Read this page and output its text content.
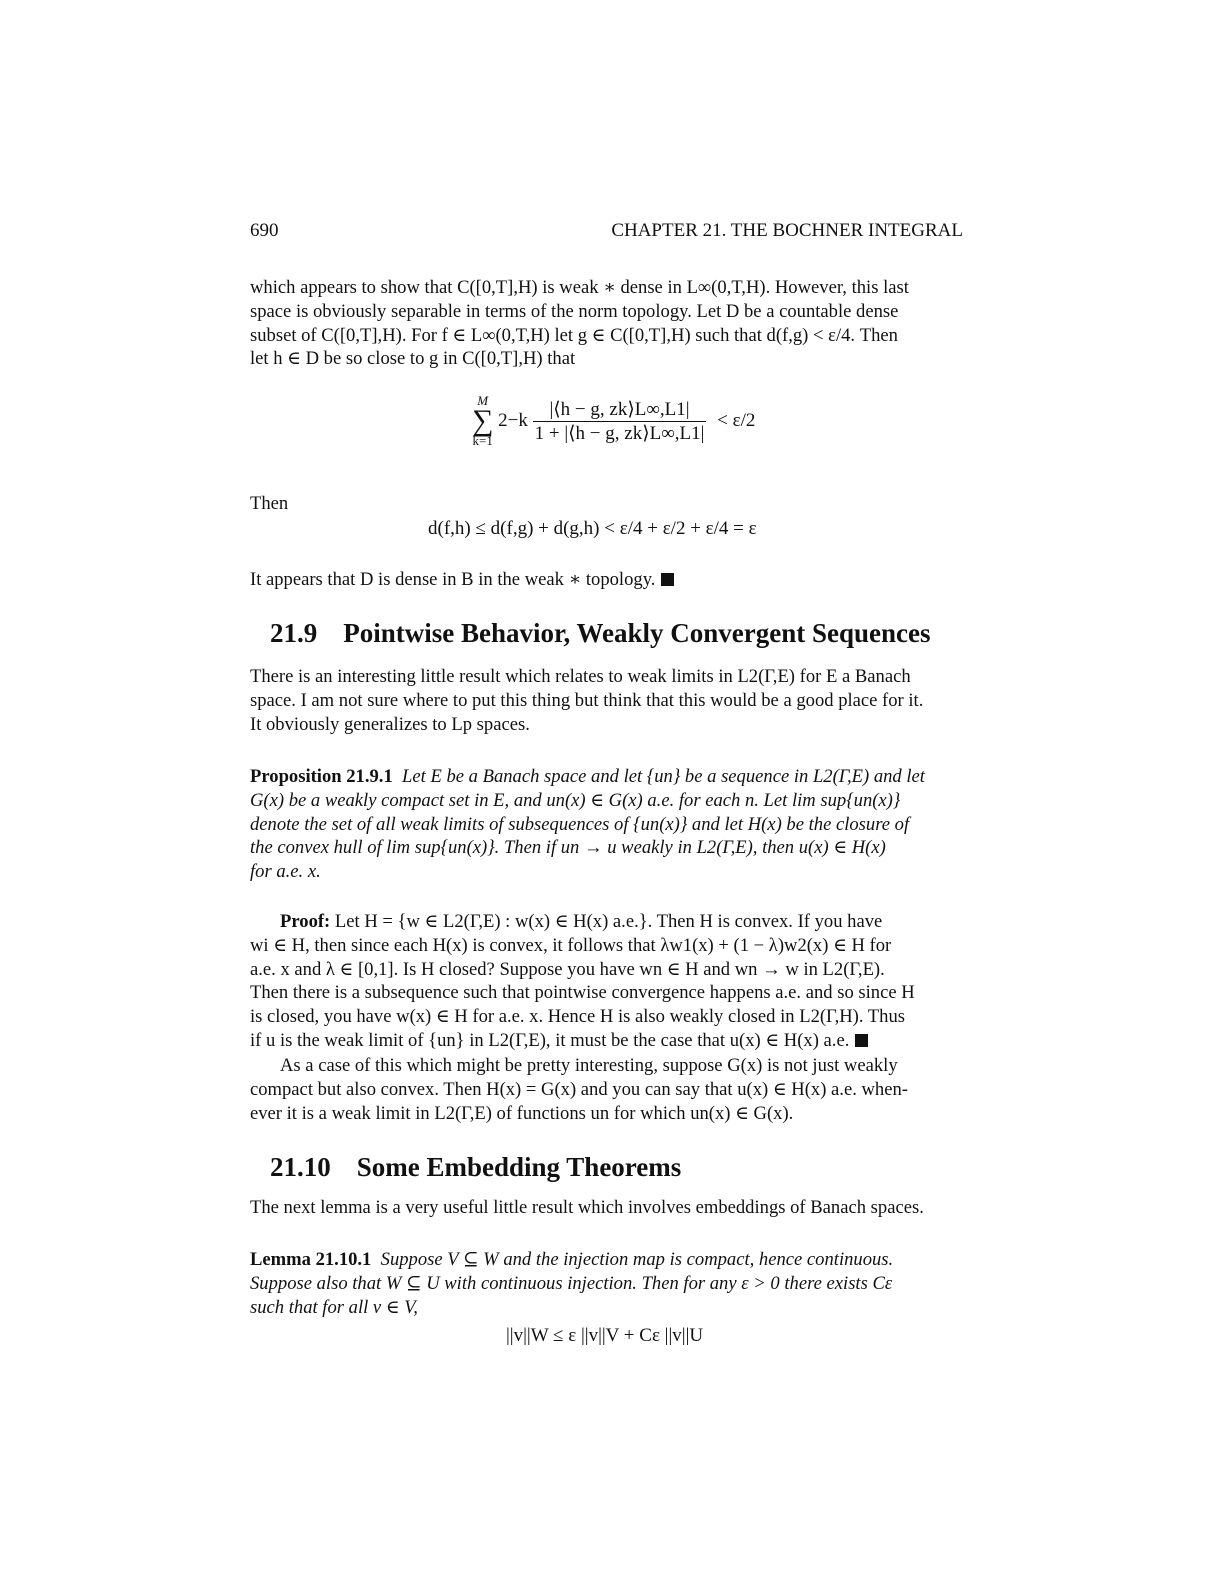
690	CHAPTER 21. THE BOCHNER INTEGRAL

which appears to show that C([0,T],H) is weak ∗ dense in L∞(0,T,H). However, this last
space is obviously separable in terms of the norm topology. Let D be a countable dense
subset of C([0,T],H). For f ∈ L∞(0,T,H) let g ∈ C([0,T],H) such that d(f,g) < ε/4. Then
let h ∈ D be so close to g in C([0,T],H) that

M
∑
k=1 $2-k \frac{|⟨h - g, zk⟩L\infty,L1|}{1 + |⟨h - g, zk⟩L\infty,L1|} < \varepsilon/2$

Then

d(f,h) ≤ d(f,g) + d(g,h) < ε/4 + ε/2 + ε/4 = ε

It appears that D is dense in B in the weak ∗ topology.

21.9 Pointwise Behavior, Weakly Convergent Sequences

There is an interesting little result which relates to weak limits in L2(Γ,E) for E a Banach
space. I am not sure where to put this thing but think that this would be a good place for it.
It obviously generalizes to Lp spaces.

Proposition 21.9.1 Let E be a Banach space and let {un} be a sequence in L2(Γ,E) and let
G(x) be a weakly compact set in E, and un(x) ∈ G(x) a.e. for each n. Let lim sup{un(x)}
denote the set of all weak limits of subsequences of {un(x)} and let H(x) be the closure of
the convex hull of lim sup{un(x)}. Then if un → u weakly in L2(Γ,E), then u(x) ∈ H(x)
for a.e. x.

Proof: Let H = {w ∈ L2(Γ,E) : w(x) ∈ H(x) a.e.}. Then H is convex. If you have
wi ∈ H, then since each H(x) is convex, it follows that λw1(x) + (1 − λ)w2(x) ∈ H for
a.e. x and λ ∈ [0,1]. Is H closed? Suppose you have wn ∈ H and wn → w in L2(Γ,E).
Then there is a subsequence such that pointwise convergence happens a.e. and so since H
is closed, you have w(x) ∈ H for a.e. x. Hence H is also weakly closed in L2(Γ,H). Thus
if u is the weak limit of {un} in L2(Γ,E), it must be the case that u(x) ∈ H(x) a.e.

As a case of this which might be pretty interesting, suppose G(x) is not just weakly
compact but also convex. Then H(x) = G(x) and you can say that u(x) ∈ H(x) a.e. when-
ever it is a weak limit in L2(Γ,E) of functions un for which un(x) ∈ G(x).

21.10 Some Embedding Theorems

The next lemma is a very useful little result which involves embeddings of Banach spaces.

Lemma 21.10.1 Suppose V ⊆ W and the injection map is compact, hence continuous.
Suppose also that W ⊆ U with continuous injection. Then for any ε > 0 there exists Cε
such that for all v ∈ V,

||v||W ≤ ε ||v||V + Cε ||v||U
